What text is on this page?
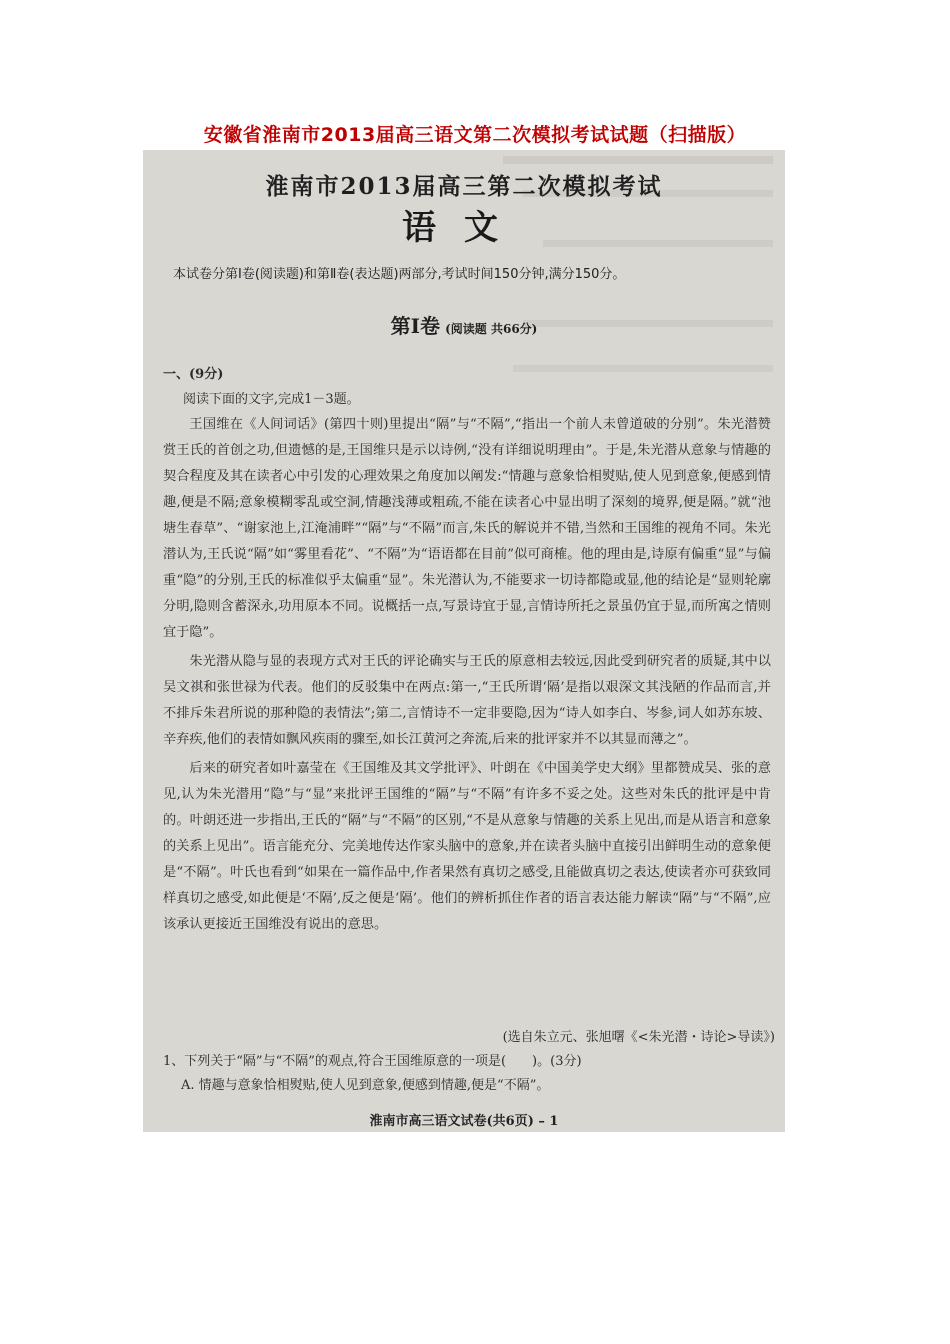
安徽省淮南市2013届高三语文第二次模拟考试试题（扫描版）
淮南市2013届高三第二次模拟考试
语文
本试卷分第Ⅰ卷(阅读题)和第Ⅱ卷(表达题)两部分,考试时间150分钟,满分150分。
第Ⅰ卷 (阅读题 共66分)
一、(9分)
阅读下面的文字,完成1－3题。

王国维在《人间词话》(第四十则)里提出“隔”与“不隔”,“指出一个前人未曾道破的分别”。朱光潜赞赏王氏的首创之功,但遗憾的是,王国维只是示以诗例,“没有详细说明理由”。于是,朱光潜从意象与情趣的契合程度及其在读者心中引发的心理效果之角度加以阐发:“情趣与意象恰相熨贴,使人见到意象,便感到情趣,便是不隔;意象模糊零乱或空洞,情趣浅薄或粗疏,不能在读者心中显出明了深刻的境界,便是隔。”就“池塘生春草”、“谢家池上,江淹浦畔”“隔”与“不隔”而言,朱氏的解说并不错,当然和王国维的视角不同。朱光潜认为,王氏说“隔”如“雾里看花”、“不隔”为“语语都在目前”似可商榷。他的理由是,诗原有偏重“显”与偏重“隐”的分别,王氏的标准似乎太偏重“显”。朱光潜认为,不能要求一切诗都隐或显,他的结论是“显则轮廓分明,隐则含蓄深永,功用原本不同。说概括一点,写景诗宜于显,言情诗所托之景虽仍宜于显,而所寓之情则宜于隐”。

朱光潜从隐与显的表现方式对王氏的评论确实与王氏的原意相去较远,因此受到研究者的质疑,其中以吴文祺和张世禄为代表。他们的反驳集中在两点:第一,“王氏所谓‘隔’是指以艰深文其浅陋的作品而言,并不排斥朱君所说的那种隐的表情法”;第二,言情诗不一定非要隐,因为“诗人如李白、岑参,词人如苏东坡、辛弃疾,他们的表情如飘风疾雨的骤至,如长江黄河之奔流,后来的批评家并不以其显而薄之”。

后来的研究者如叶嘉莹在《王国维及其文学批评》、叶朗在《中国美学史大纲》里都赞成吴、张的意见,认为朱光潜用“隐”与“显”来批评王国维的“隔”与“不隔”有许多不妥之处。这些对朱氏的批评是中肯的。叶朗还进一步指出,王氏的“隔”与“不隔”的区别,“不是从意象与情趣的关系上见出,而是从语言和意象的关系上见出”。语言能充分、完美地传达作家头脑中的意象,并在读者头脑中直接引出鲜明生动的意象便是“不隔”。叶氏也看到“如果在一篇作品中,作者果然有真切之感受,且能做真切之表达,使读者亦可获致同样真切之感受,如此便是‘不隔’,反之便是‘隔’。他们的辨析抓住作者的语言表达能力解读“隔”与“不隔”,应该承认更接近王国维没有说出的意思。

(选自朱立元、张旭曙《<朱光潜・诗论>导读》)
1、下列关于“隔”与“不隔”的观点,符合王国维原意的一项是(　　)。(3分)
A. 情趣与意象恰相熨贴,使人见到意象,便感到情趣,便是“不隔”。
淮南市高三语文试卷(共6页) – 1
